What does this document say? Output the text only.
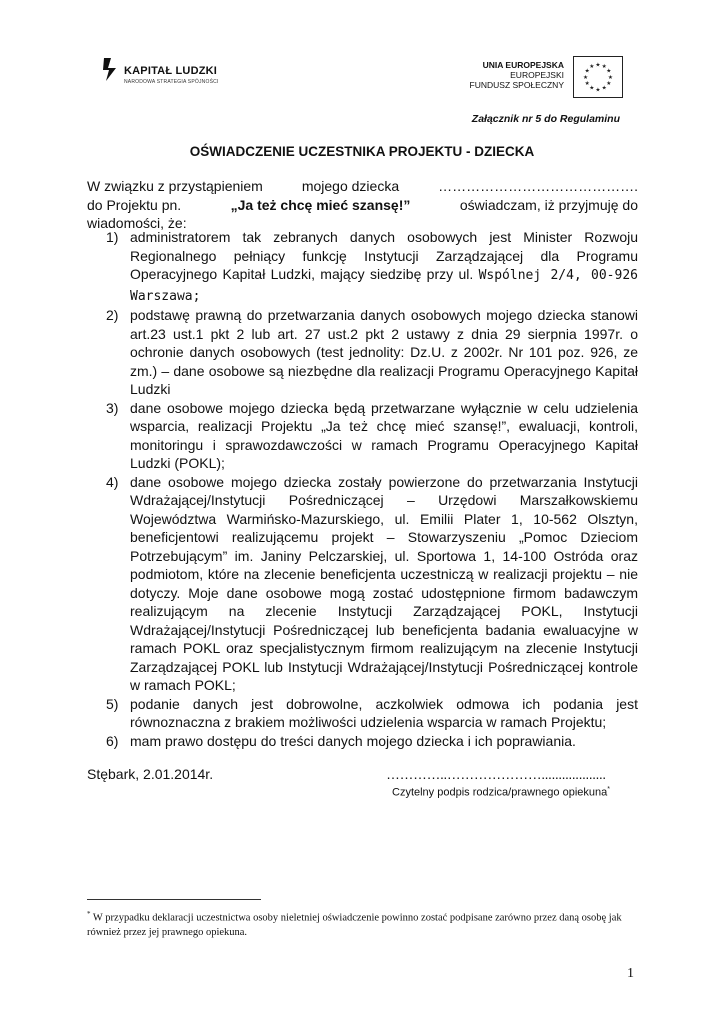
KAPITAŁ LUDZKI
NARODOWA STRATEGIA SPÓJNOŚCI
UNIA EUROPEJSKA
EUROPEJSKI
FUNDUSZ SPOŁECZNY
★ ★
★
★
★
★
★
★
★
★
★
★
Załącznik nr 5 do Regulaminu
OŚWIADCZENIE UCZESTNIKA PROJEKTU - DZIECKA
W związku z przystąpieniem	mojego dziecka	…………………………………….
do Projektu pn.	„Ja też chcę mieć szansę!”	oświadczam, iż przyjmuję do
wiadomości, że:
1) administratorem tak zebranych danych osobowych jest Minister Rozwoju Regionalnego pełniący funkcję Instytucji Zarządzającej dla Programu Operacyjnego Kapitał Ludzki, mający siedzibę przy ul. Wspólnej 2/4, 00-926 Warszawa;
2) podstawę prawną do przetwarzania danych osobowych mojego dziecka stanowi art.23 ust.1 pkt 2 lub art. 27 ust.2 pkt 2 ustawy z dnia 29 sierpnia 1997r. o ochronie danych osobowych (test jednolity: Dz.U. z 2002r. Nr 101 poz. 926, ze zm.) – dane osobowe są niezbędne dla realizacji Programu Operacyjnego Kapitał Ludzki
3) dane osobowe mojego dziecka będą przetwarzane wyłącznie w celu udzielenia wsparcia, realizacji Projektu „Ja też chcę mieć szansę!”, ewaluacji, kontroli, monitoringu i sprawozdawczości w ramach Programu Operacyjnego Kapitał Ludzki (POKL);
4) dane osobowe mojego dziecka zostały powierzone do przetwarzania Instytucji Wdrażającej/Instytucji Pośredniczącej – Urzędowi Marszałkowskiemu Województwa Warmińsko-Mazurskiego, ul. Emilii Plater 1, 10-562 Olsztyn, beneficjentowi realizującemu projekt – Stowarzyszeniu „Pomoc Dzieciom Potrzebującym” im. Janiny Pelczarskiej, ul. Sportowa 1, 14-100 Ostróda oraz podmiotom, które na zlecenie beneficjenta uczestniczą w realizacji projektu – nie dotyczy. Moje dane osobowe mogą zostać udostępnione firmom badawczym realizującym na zlecenie Instytucji Zarządzającej POKL, Instytucji Wdrażającej/Instytucji Pośredniczącej lub beneficjenta badania ewaluacyjne w ramach POKL oraz specjalistycznym firmom realizującym na zlecenie Instytucji Zarządzającej POKL lub Instytucji Wdrażającej/Instytucji Pośredniczącej kontrole w ramach POKL;
5) podanie danych jest dobrowolne, aczkolwiek odmowa ich podania jest równoznaczna z brakiem możliwości udzielenia wsparcia w ramach Projektu;
6) mam prawo dostępu do treści danych mojego dziecka i ich poprawiania.
Stębark, 2.01.2014r.	…………..…………………...................
Czytelny podpis rodzica/prawnego opiekuna*
* W przypadku deklaracji uczestnictwa osoby nieletniej oświadczenie powinno zostać podpisane zarówno przez daną osobę jak również przez jej prawnego opiekuna.
1
